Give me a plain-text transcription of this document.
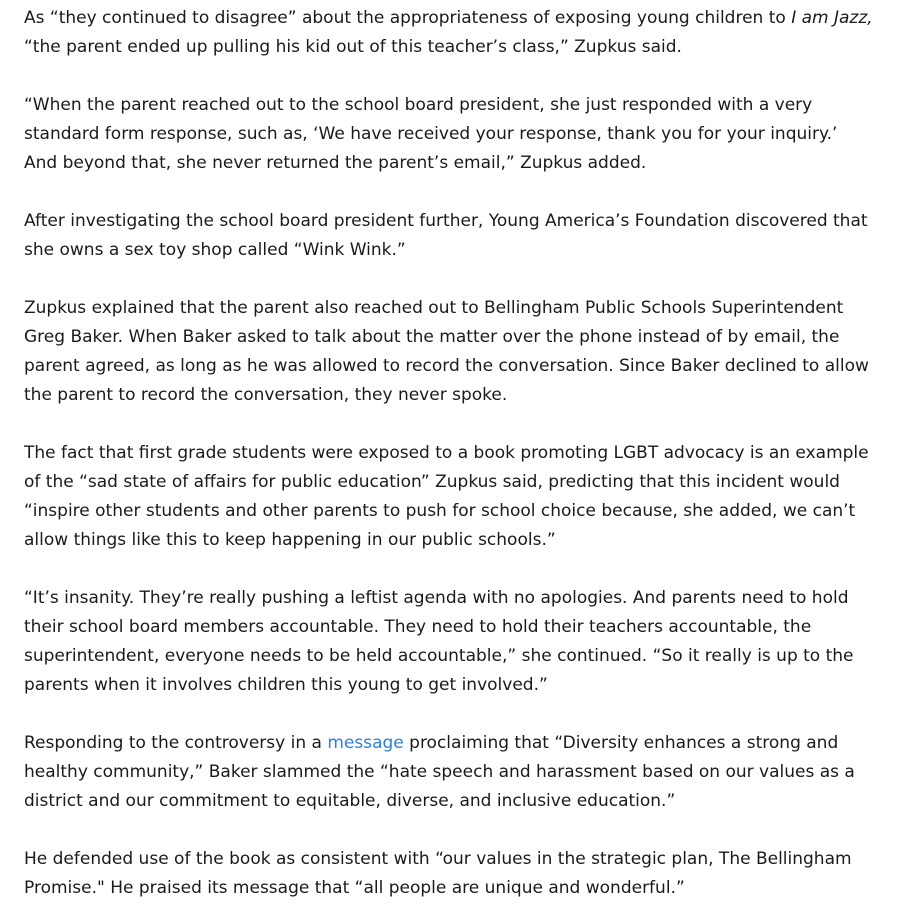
As “they continued to disagree” about the appropriateness of exposing young children to I am Jazz, “the parent ended up pulling his kid out of this teacher’s class,” Zupkus said.

“When the parent reached out to the school board president, she just responded with a very standard form response, such as, ‘We have received your response, thank you for your inquiry.’ And beyond that, she never returned the parent’s email,” Zupkus added.

After investigating the school board president further, Young America’s Foundation discovered that she owns a sex toy shop called “Wink Wink.”

Zupkus explained that the parent also reached out to Bellingham Public Schools Superintendent Greg Baker. When Baker asked to talk about the matter over the phone instead of by email, the parent agreed, as long as he was allowed to record the conversation. Since Baker declined to allow the parent to record the conversation, they never spoke.

The fact that first grade students were exposed to a book promoting LGBT advocacy is an example of the “sad state of affairs for public education” Zupkus said, predicting that this incident would “inspire other students and other parents to push for school choice because, she added, we can’t allow things like this to keep happening in our public schools.”

“It’s insanity. They’re really pushing a leftist agenda with no apologies. And parents need to hold their school board members accountable. They need to hold their teachers accountable, the superintendent, everyone needs to be held accountable,” she continued. “So it really is up to the parents when it involves children this young to get involved.”

Responding to the controversy in a message proclaiming that “Diversity enhances a strong and healthy community,” Baker slammed the “hate speech and harassment based on our values as a district and our commitment to equitable, diverse, and inclusive education.”

He defended use of the book as consistent with “our values in the strategic plan, The Bellingham Promise." He praised its message that “all people are unique and wonderful.”
